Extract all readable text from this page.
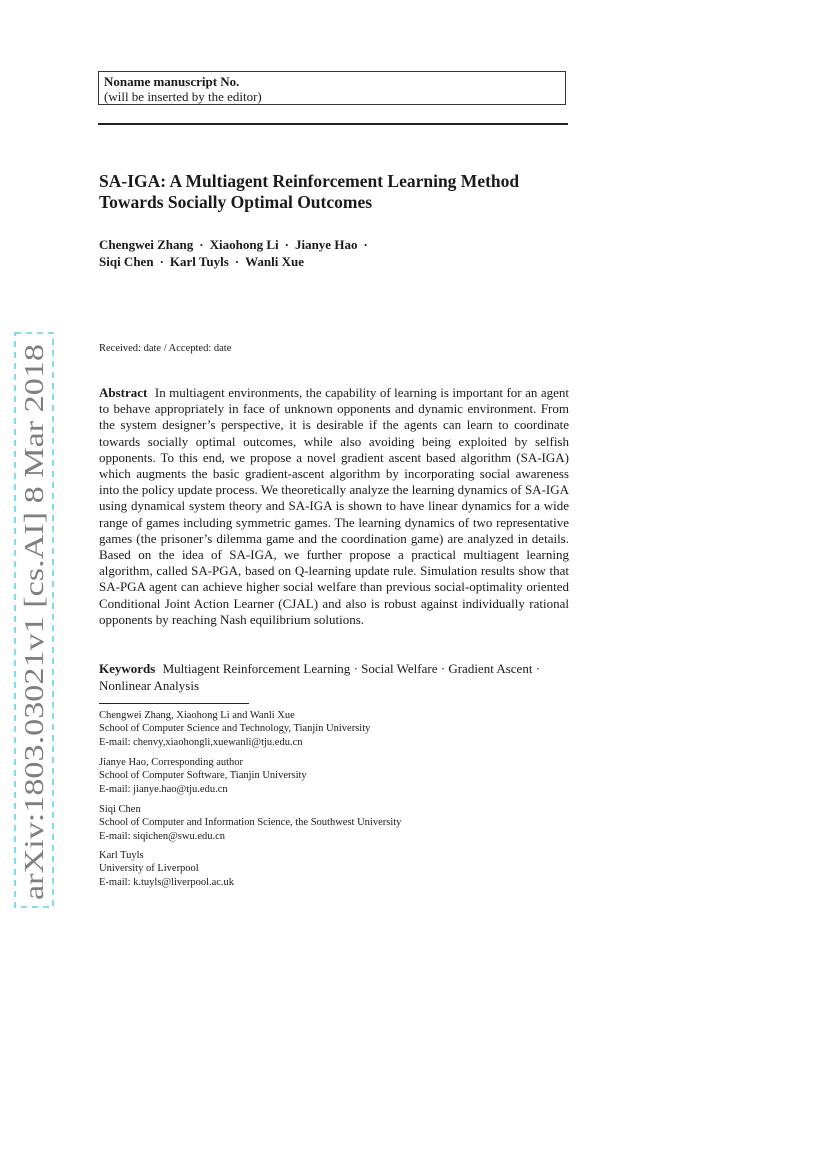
arXiv:1803.03021v1 [cs.AI] 8 Mar 2018
Noname manuscript No.
(will be inserted by the editor)
SA-IGA: A Multiagent Reinforcement Learning Method
Towards Socially Optimal Outcomes
Chengwei Zhang · Xiaohong Li · Jianye Hao ·
Siqi Chen · Karl Tuyls · Wanli Xue
Received: date / Accepted: date

Abstract In multiagent environments, the capability of learning is important for an agent to behave appropriately in face of unknown opponents and dynamic environment. From the system designer’s perspective, it is desirable if the agents can learn to coordinate towards socially optimal outcomes, while also avoiding being exploited by selfish opponents. To this end, we propose a novel gradient ascent based algorithm (SA-IGA) which augments the basic gradient-ascent algorithm by incorporating social awareness into the policy update process. We theoretically analyze the learning dynamics of SA-IGA using dynamical system theory and SA-IGA is shown to have linear dynamics for a wide range of games including symmetric games. The learning dynamics of two representative games (the prisoner’s dilemma game and the coordination game) are analyzed in details. Based on the idea of SA-IGA, we further propose a practical multiagent learning algorithm, called SA-PGA, based on Q-learning update rule. Simulation results show that SA-PGA agent can achieve higher social welfare than previous social-optimality oriented Conditional Joint Action Learner (CJAL) and also is robust against individually rational opponents by reaching Nash equilibrium solutions.

Keywords Multiagent Reinforcement Learning · Social Welfare · Gradient Ascent · Nonlinear Analysis
Chengwei Zhang, Xiaohong Li and Wanli Xue
School of Computer Science and Technology, Tianjin University
E-mail: chenvy,xiaohongli,xuewanli@tju.edu.cn
Jianye Hao, Corresponding author
School of Computer Software, Tianjin University
E-mail: jianye.hao@tju.edu.cn
Siqi Chen
School of Computer and Information Science, the Southwest University
E-mail: siqichen@swu.edu.cn
Karl Tuyls
University of Liverpool
E-mail: k.tuyls@liverpool.ac.uk
